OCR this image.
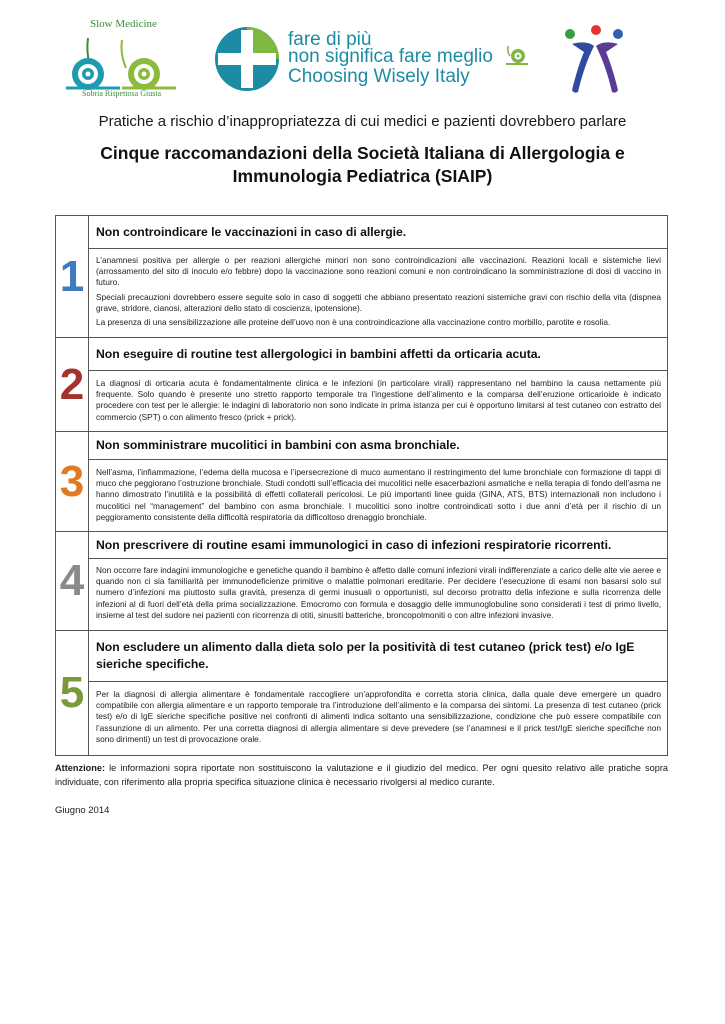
Slow Medicine
Sobria Rispettosa Giusta
fare di più
non significa fare meglio
Choosing Wisely Italy
Pratiche a rischio d’inappropriatezza di cui medici e pazienti dovrebbero parlare
Cinque raccomandazioni della Società Italiana di Allergologia e Immunologia Pediatrica (SIAIP)
1
Non controindicare le vaccinazioni in caso di allergie.

L’anamnesi positiva per allergie o per reazioni allergiche minori non sono controindicazioni alle vaccinazioni. Reazioni locali e sistemiche lievi (arrossamento del sito di inoculo e/o febbre) dopo la vaccinazione sono reazioni comuni e non controindicano la somministrazione di dosi di vaccino in futuro.

Speciali precauzioni dovrebbero essere seguite solo in caso di soggetti che abbiano presentato reazioni sistemiche gravi con rischio della vita (dispnea grave, stridore, cianosi, alterazioni dello stato di coscienza, ipotensione).

La presenza di una sensibilizzazione alle proteine dell’uovo non è una controindicazione alla vaccinazione contro morbillo, parotite e rosolia.

2
Non eseguire di routine test allergologici in bambini affetti da orticaria acuta.

La diagnosi di orticaria acuta è fondamentalmente clinica e le infezioni (in particolare virali) rappresentano nel bambino la causa nettamente più frequente. Solo quando è presente uno stretto rapporto temporale tra l’ingestione dell’alimento e la comparsa dell’eruzione orticarioide è indicato procedere con test per le allergie: le indagini di laboratorio non sono indicate in prima istanza per cui è opportuno limitarsi al test cutaneo con estratto del commercio (SPT) o con alimento fresco (prick + prick).

3
Non somministrare mucolitici in bambini con asma bronchiale.

Nell’asma, l’infiammazione, l’edema della mucosa e l’ipersecrezione di muco aumentano il restringimento del lume bronchiale con formazione di tappi di muco che peggiorano l’ostruzione bronchiale. Studi condotti sull’efficacia dei mucolitici nelle esacerbazioni asmatiche e nella terapia di fondo dell’asma ne hanno dimostrato l’inutilità e la possibilità di effetti collaterali pericolosi. Le più importanti linee guida (GINA, ATS, BTS) internazionali non includono i mucolitici nel “management” del bambino con asma bronchiale. I mucolitici sono inoltre controindicati sotto i due anni d’età per il rischio di un peggioramento consistente della difficoltà respiratoria da difficoltoso drenaggio bronchiale.

4
Non prescrivere di routine esami immunologici in caso di infezioni respiratorie ricorrenti.

Non occorre fare indagini immunologiche e genetiche quando il bambino è affetto dalle comuni infezioni virali indifferenziate a carico delle alte vie aeree e quando non ci sia familiarità per immunodeficienze primitive o malattie polmonari ereditarie. Per decidere l’esecuzione di esami non basarsi solo sul numero d’infezioni ma piuttosto sulla gravità, presenza di germi inusuali o opportunisti, sul decorso protratto della infezione e sulla ricorrenza delle infezioni al di fuori dell’età della prima socializzazione. Emocromo con formula e dosaggio delle immunoglobuline sono considerati i test di primo livello, insieme al test del sudore nei pazienti con ricorrenza di otiti, sinusiti batteriche, broncopolmoniti o con altre infezioni invasive.

5
Non escludere un alimento dalla dieta solo per la positività di test cutaneo (prick test) e/o IgE sieriche specifiche.

Per la diagnosi di allergia alimentare è fondamentale raccogliere un’approfondita e corretta storia clinica, dalla quale deve emergere un quadro compatibile con allergia alimentare e un rapporto temporale tra l’introduzione dell’alimento e la comparsa dei sintomi. La presenza di test cutaneo (prick test) e/o di IgE sieriche specifiche positive nei confronti di alimenti indica soltanto una sensibilizzazione, condizione che può essere compatibile con l’assunzione di un alimento. Per una corretta diagnosi di allergia alimentare si deve prevedere (se l’anamnesi e il prick test/IgE sieriche specifiche non sono dirimenti) un test di provocazione orale.

Attenzione: le informazioni sopra riportate non sostituiscono la valutazione e il giudizio del medico. Per ogni quesito relativo alle pratiche sopra individuate, con riferimento alla propria specifica situazione clinica è necessario rivolgersi al medico curante.
Giugno 2014
